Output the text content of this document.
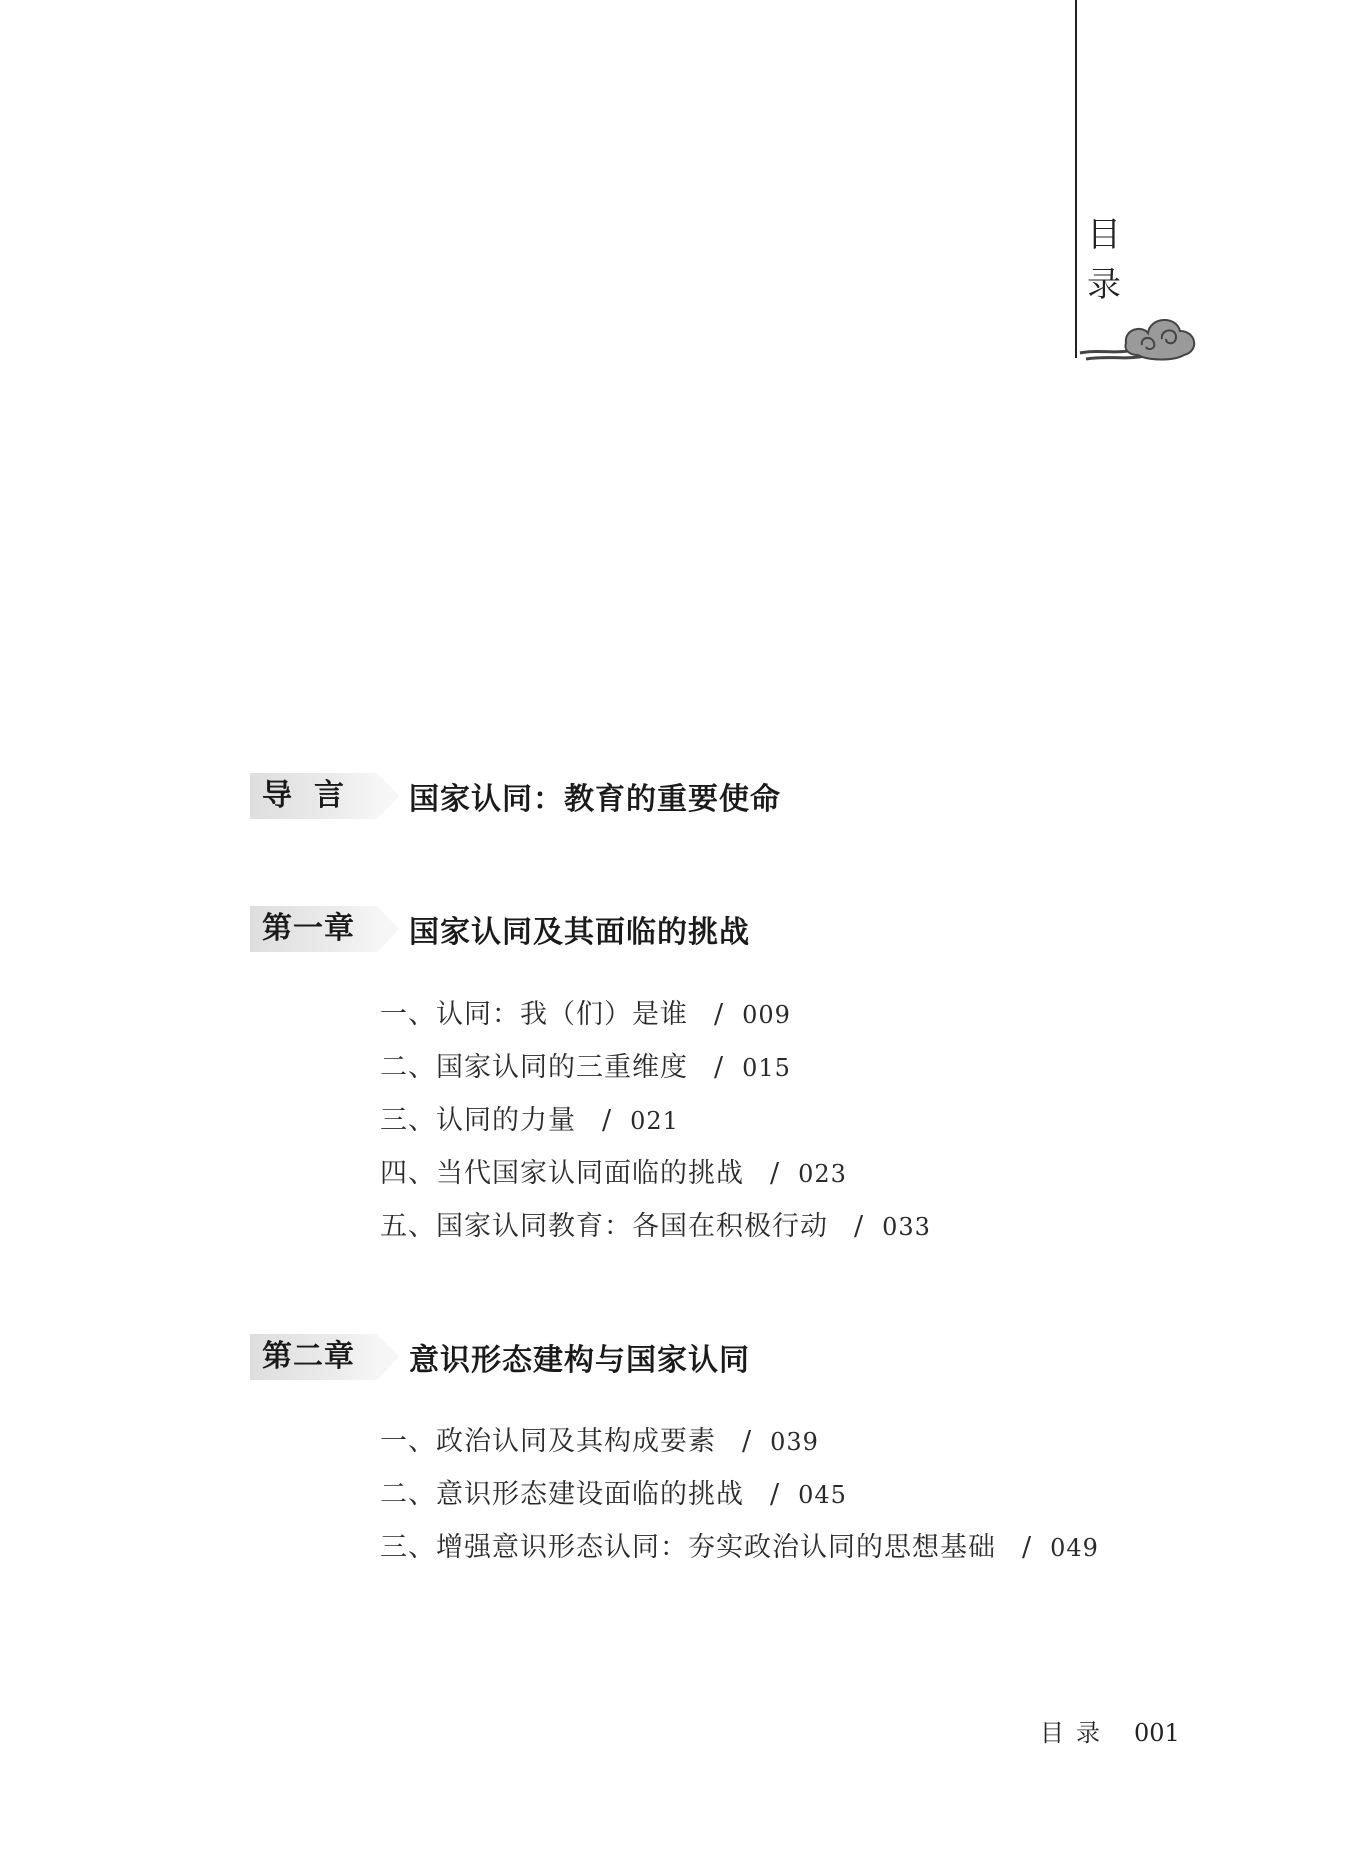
目
录
导言	国家认同：教育的重要使命
第一章	国家认同及其面临的挑战
一、认同：我（们）是谁 / 009
二、国家认同的三重维度 / 015
三、认同的力量 / 021
四、当代国家认同面临的挑战 / 023
五、国家认同教育：各国在积极行动 / 033
第二章	意识形态建构与国家认同
一、政治认同及其构成要素 / 039
二、意识形态建设面临的挑战 / 045
三、增强意识形态认同：夯实政治认同的思想基础 / 049
目录 001
